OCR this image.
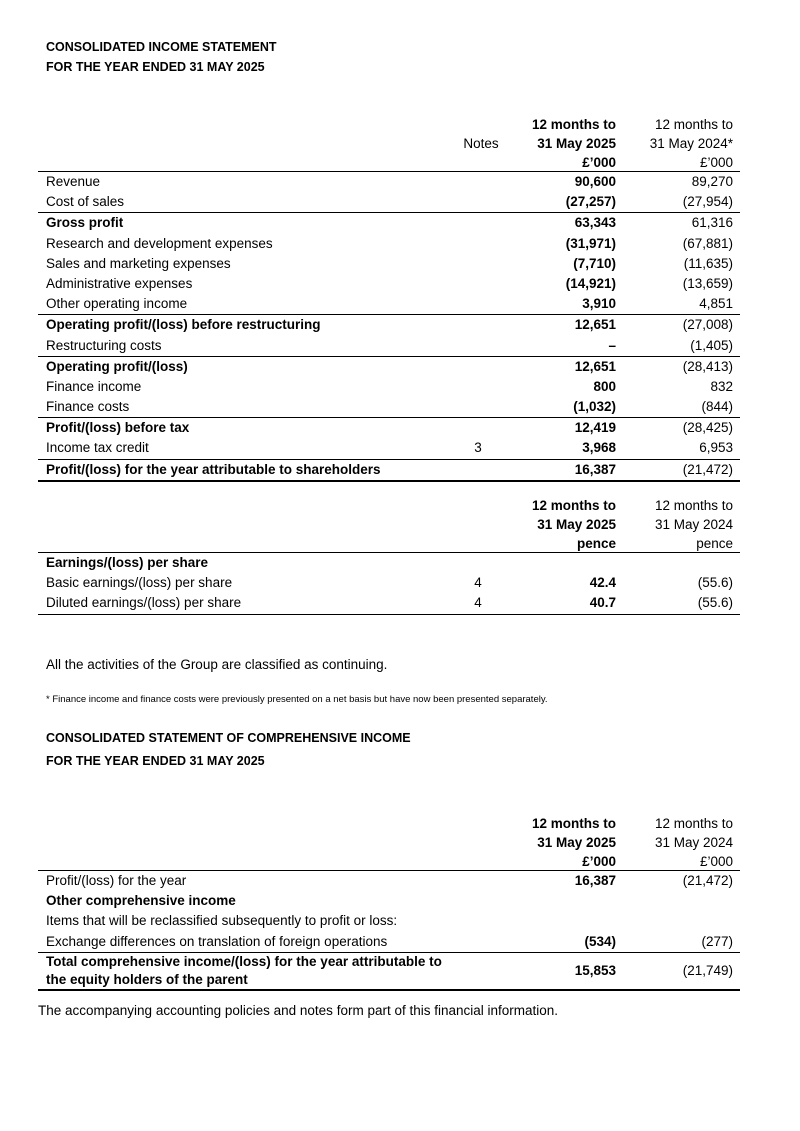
CONSOLIDATED INCOME STATEMENT
FOR THE YEAR ENDED 31 MAY 2025
Notes
12 months to
31 May 2025
£’000
12 months to
31 May 2024*
£’000
Revenue	90,600	89,270
Cost of sales	(27,257)	(27,954)
Gross profit	63,343	61,316
Research and development expenses	(31,971)	(67,881)
Sales and marketing expenses	(7,710)	(11,635)
Administrative expenses	(14,921)	(13,659)
Other operating income	3,910	4,851
Operating profit/(loss) before restructuring	12,651	(27,008)
Restructuring costs	–	(1,405)
Operating profit/(loss)	12,651	(28,413)
Finance income	800	832
Finance costs	(1,032)	(844)
Profit/(loss) before tax	12,419	(28,425)
Income tax credit	3	3,968	6,953
Profit/(loss) for the year attributable to shareholders	16,387	(21,472)
12 months to
31 May 2025
pence
12 months to
31 May 2024
pence
Earnings/(loss) per share
Basic earnings/(loss) per share	4	42.4	(55.6)
Diluted earnings/(loss) per share	4	40.7	(55.6)
All the activities of the Group are classified as continuing.
* Finance income and finance costs were previously presented on a net basis but have now been presented separately.
CONSOLIDATED STATEMENT OF COMPREHENSIVE INCOME
FOR THE YEAR ENDED 31 MAY 2025
12 months to
31 May 2025
£’000
12 months to
31 May 2024
£’000
Profit/(loss) for the year	16,387	(21,472)
Other comprehensive income
Items that will be reclassified subsequently to profit or loss:
Exchange differences on translation of foreign operations	(534)	(277)
Total comprehensive income/(loss) for the year attributable to
the equity holders of the parent
15,853	(21,749)
The accompanying accounting policies and notes form part of this financial information.
